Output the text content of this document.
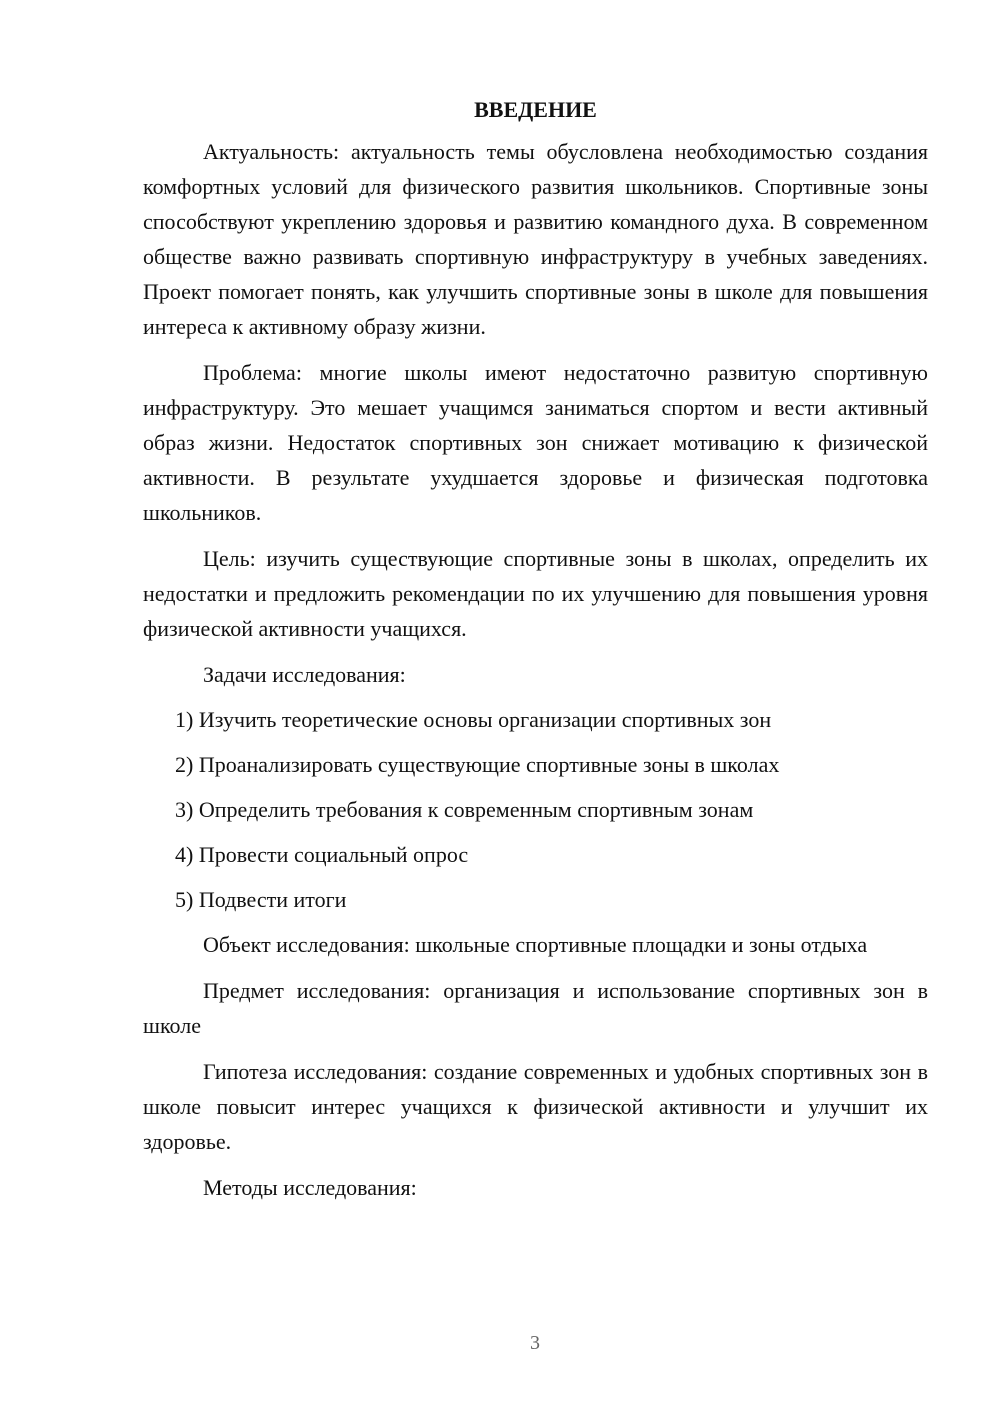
ВВЕДЕНИЕ

Актуальность: актуальность темы обусловлена необходимостью создания комфортных условий для физического развития школьников. Спортивные зоны способствуют укреплению здоровья и развитию командного духа. В современном обществе важно развивать спортивную инфраструктуру в учебных заведениях. Проект помогает понять, как улучшить спортивные зоны в школе для повышения интереса к активному образу жизни.

Проблема: многие школы имеют недостаточно развитую спортивную инфраструктуру. Это мешает учащимся заниматься спортом и вести активный образ жизни. Недостаток спортивных зон снижает мотивацию к физической активности. В результате ухудшается здоровье и физическая подготовка школьников.

Цель: изучить существующие спортивные зоны в школах, определить их недостатки и предложить рекомендации по их улучшению для повышения уровня физической активности учащихся.

Задачи исследования:

1) Изучить теоретические основы организации спортивных зон
2) Проанализировать существующие спортивные зоны в школах
3) Определить требования к современным спортивным зонам
4) Провести социальный опрос
5) Подвести итоги

Объект исследования: школьные спортивные площадки и зоны отдыха

Предмет исследования: организация и использование спортивных зон в школе

Гипотеза исследования: создание современных и удобных спортивных зон в школе повысит интерес учащихся к физической активности и улучшит их здоровье.

Методы исследования:

3
